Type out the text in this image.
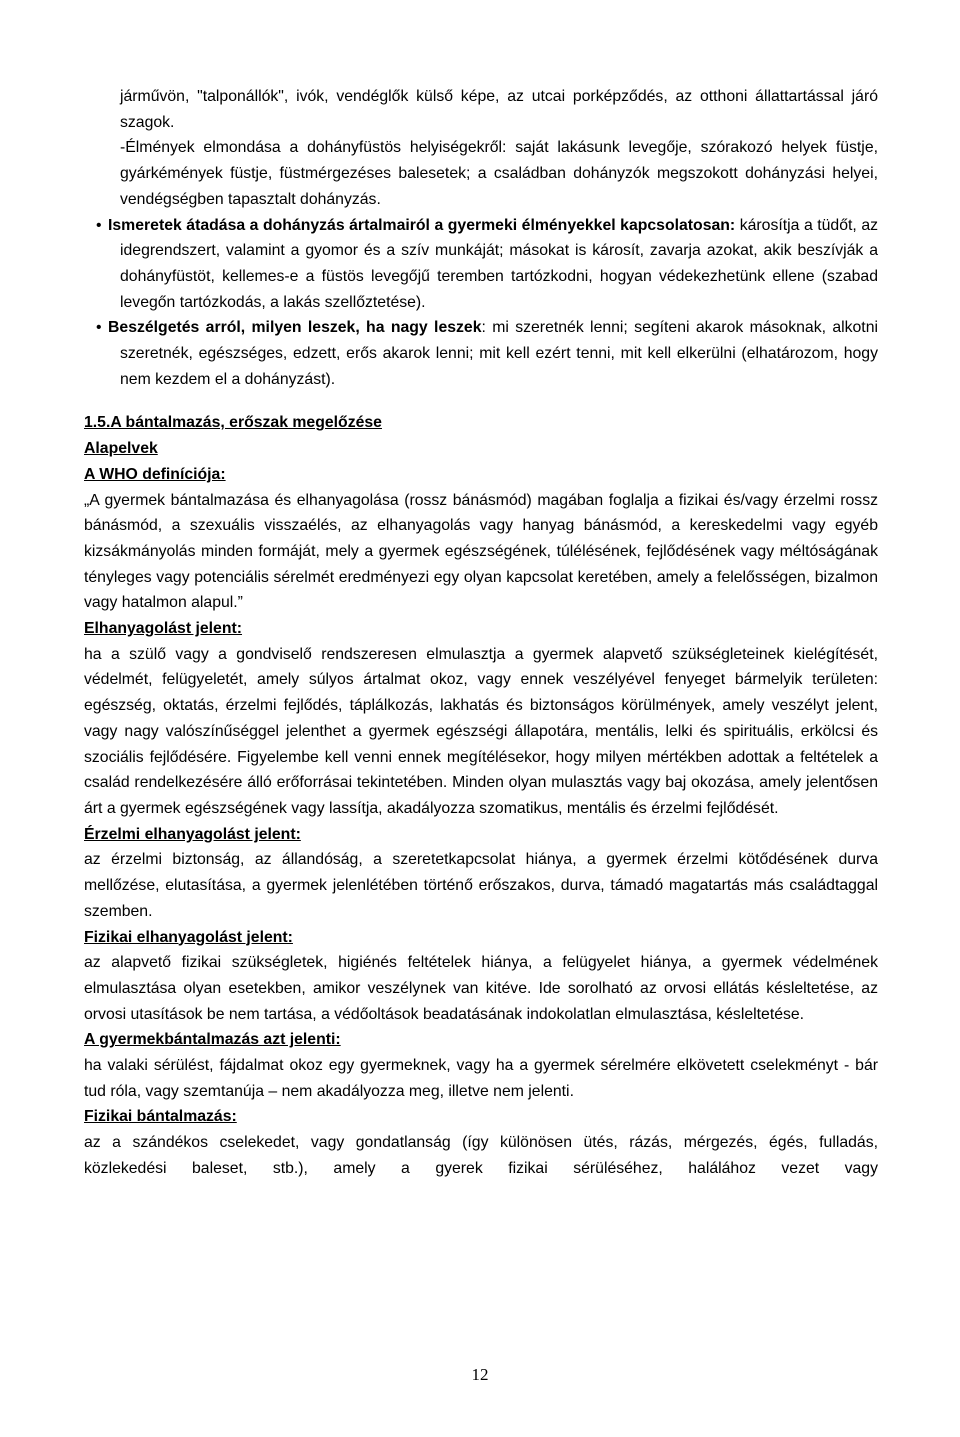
járművön, "talponállók", ivók, vendéglők külső képe, az utcai porképződés, az otthoni állattartással járó szagok.

-Élmények elmondása a dohányfüstös helyiségekről: saját lakásunk levegője, szórakozó helyek füstje, gyárkémények füstje, füstmérgezéses balesetek; a családban dohányzók megszokott dohányzási helyei, vendégségben tapasztalt dohányzás.

• Ismeretek átadása a dohányzás ártalmairól a gyermeki élményekkel kapcsolatosan: károsítja a tüdőt, az idegrendszert, valamint a gyomor és a szív munkáját; másokat is károsít, zavarja azokat, akik beszívják a dohányfüstöt, kellemes-e a füstös levegőjű teremben tartózkodni, hogyan védekezhetünk ellene (szabad levegőn tartózkodás, a lakás szellőztetése).

• Beszélgetés arról, milyen leszek, ha nagy leszek: mi szeretnék lenni; segíteni akarok másoknak, alkotni szeretnék, egészséges, edzett, erős akarok lenni; mit kell ezért tenni, mit kell elkerülni (elhatározom, hogy nem kezdem el a dohányzást).

1.5.A bántalmazás, erőszak megelőzése

Alapelvek

A WHO definíciója:

„A gyermek bántalmazása és elhanyagolása (rossz bánásmód) magában foglalja a fizikai és/vagy érzelmi rossz bánásmód, a szexuális visszaélés, az elhanyagolás vagy hanyag bánásmód, a kereskedelmi vagy egyéb kizsákmányolás minden formáját, mely a gyermek egészségének, túlélésének, fejlődésének vagy méltóságának tényleges vagy potenciális sérelmét eredményezi egy olyan kapcsolat keretében, amely a felelősségen, bizalmon vagy hatalmon alapul.”

Elhanyagolást jelent:

ha a szülő vagy a gondviselő rendszeresen elmulasztja a gyermek alapvető szükségleteinek kielégítését, védelmét, felügyeletét, amely súlyos ártalmat okoz, vagy ennek veszélyével fenyeget bármelyik területen: egészség, oktatás, érzelmi fejlődés, táplálkozás, lakhatás és biztonságos körülmények, amely veszélyt jelent, vagy nagy valószínűséggel jelenthet a gyermek egészségi állapotára, mentális, lelki és spirituális, erkölcsi és szociális fejlődésére. Figyelembe kell venni ennek megítélésekor, hogy milyen mértékben adottak a feltételek a család rendelkezésére álló erőforrásai tekintetében. Minden olyan mulasztás vagy baj okozása, amely jelentősen árt a gyermek egészségének vagy lassítja, akadályozza szomatikus, mentális és érzelmi fejlődését.

Érzelmi elhanyagolást jelent:

az érzelmi biztonság, az állandóság, a szeretetkapcsolat hiánya, a gyermek érzelmi kötődésének durva mellőzése, elutasítása, a gyermek jelenlétében történő erőszakos, durva, támadó magatartás más családtaggal szemben.

Fizikai elhanyagolást jelent:

az alapvető fizikai szükségletek, higiénés feltételek hiánya, a felügyelet hiánya, a gyermek védelmének elmulasztása olyan esetekben, amikor veszélynek van kitéve. Ide sorolható az orvosi ellátás késleltetése, az orvosi utasítások be nem tartása, a védőoltások beadatásának indokolatlan elmulasztása, késleltetése.

A gyermekbántalmazás azt jelenti:

ha valaki sérülést, fájdalmat okoz egy gyermeknek, vagy ha a gyermek sérelmére elkövetett cselekményt - bár tud róla, vagy szemtanúja – nem akadályozza meg, illetve nem jelenti.

Fizikai bántalmazás:

az a szándékos cselekedet, vagy gondatlanság (így különösen ütés, rázás, mérgezés, égés, fulladás, közlekedési baleset, stb.), amely a gyerek fizikai sérüléséhez, halálához vezet vagy

12
